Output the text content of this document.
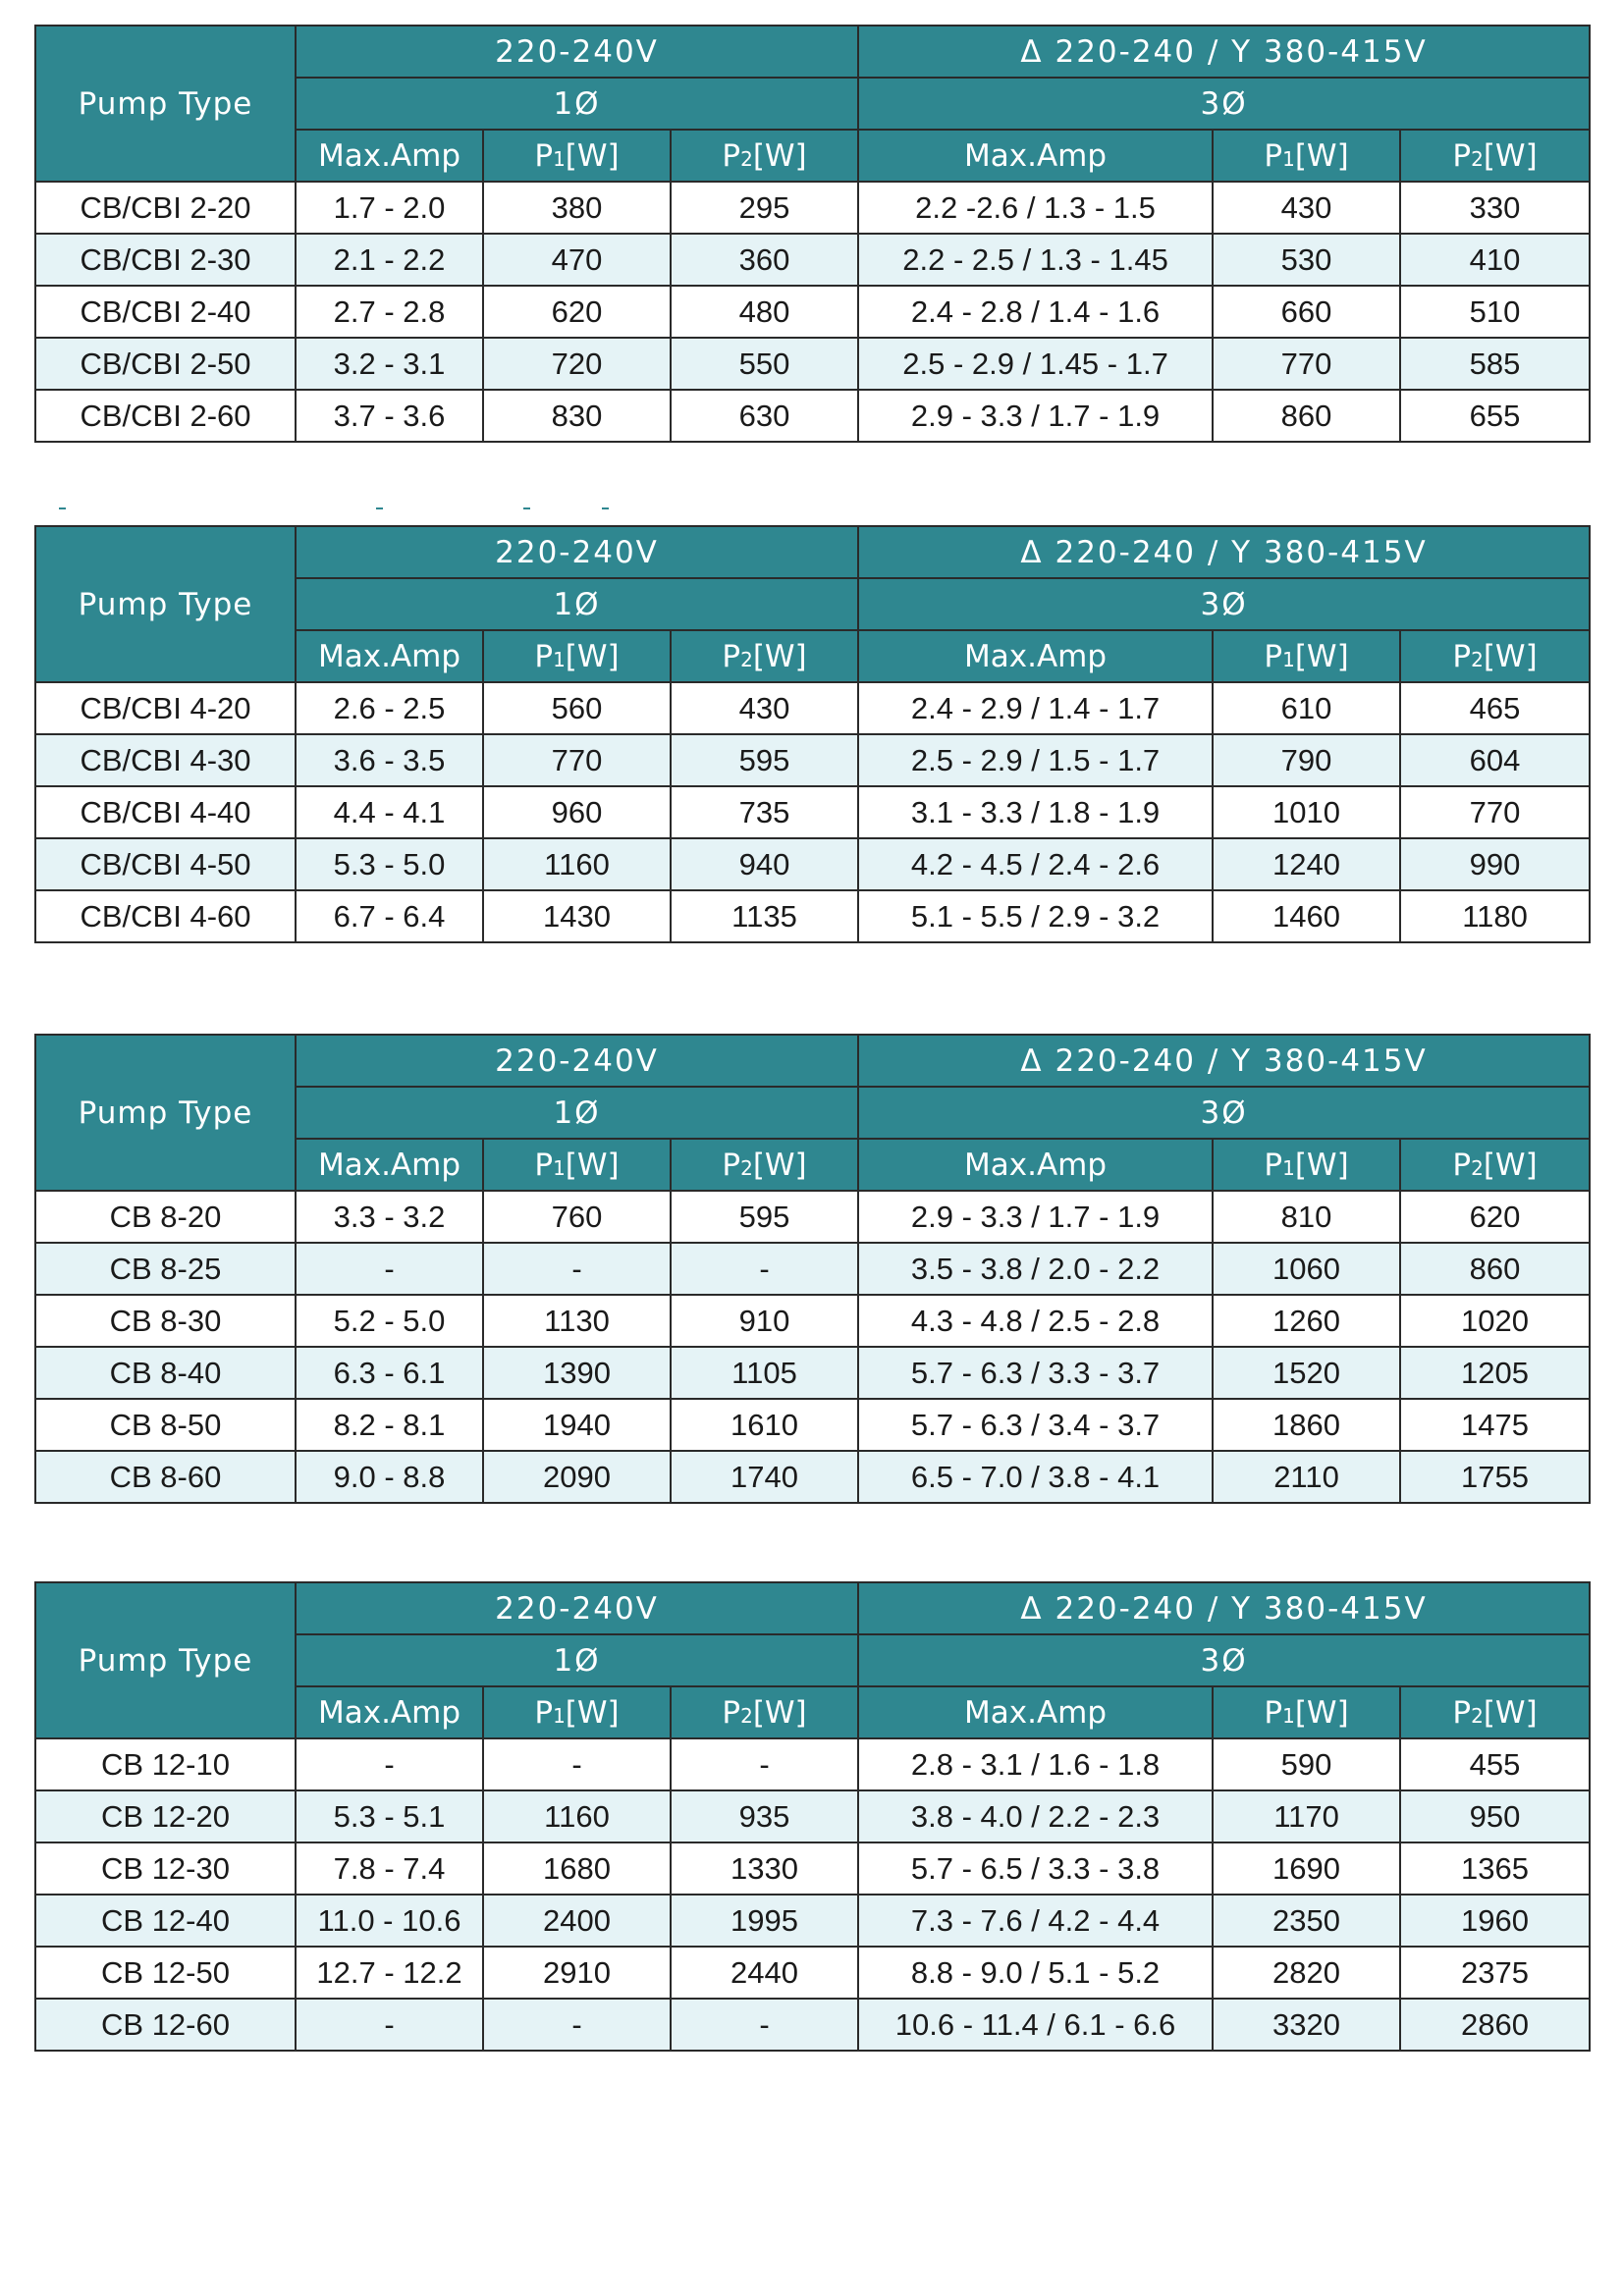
Pump Type	220-240V			Δ 220-240 / Y 380-415V		
	1Ø			3Ø		
	Max.Amp	P1[W]	P2[W]	Max.Amp	P1[W]	P2[W]
CB/CBI 2-20	1.7 - 2.0	380	295	2.2 -2.6 / 1.3 - 1.5	430	330
CB/CBI 2-30	2.1 - 2.2	470	360	2.2 - 2.5 / 1.3 - 1.45	530	410
CB/CBI 2-40	2.7 - 2.8	620	480	2.4 - 2.8 / 1.4 - 1.6	660	510
CB/CBI 2-50	3.2 - 3.1	720	550	2.5 - 2.9 / 1.45 - 1.7	770	585
CB/CBI 2-60	3.7 - 3.6	830	630	2.9 - 3.3 / 1.7 - 1.9	860	655
Pump Type	220-240V			Δ 220-240 / Y 380-415V		
	1Ø			3Ø		
	Max.Amp	P1[W]	P2[W]	Max.Amp	P1[W]	P2[W]
CB/CBI 4-20	2.6 - 2.5	560	430	2.4 - 2.9 / 1.4 - 1.7	610	465
CB/CBI 4-30	3.6 - 3.5	770	595	2.5 - 2.9 / 1.5 - 1.7	790	604
CB/CBI 4-40	4.4 - 4.1	960	735	3.1 - 3.3 / 1.8 - 1.9	1010	770
CB/CBI 4-50	5.3 - 5.0	1160	940	4.2 - 4.5 / 2.4 - 2.6	1240	990
CB/CBI 4-60	6.7 - 6.4	1430	1135	5.1 - 5.5 / 2.9 - 3.2	1460	1180
Pump Type	220-240V			Δ 220-240 / Y 380-415V		
	1Ø			3Ø		
	Max.Amp	P1[W]	P2[W]	Max.Amp	P1[W]	P2[W]
CB 8-20	3.3 - 3.2	760	595	2.9 - 3.3 / 1.7 - 1.9	810	620
CB 8-25	-	-	-	3.5 - 3.8 / 2.0 - 2.2	1060	860
CB 8-30	5.2 - 5.0	1130	910	4.3 - 4.8 / 2.5 - 2.8	1260	1020
CB 8-40	6.3 - 6.1	1390	1105	5.7 - 6.3 / 3.3 - 3.7	1520	1205
CB 8-50	8.2 - 8.1	1940	1610	5.7 - 6.3 / 3.4 - 3.7	1860	1475
CB 8-60	9.0 - 8.8	2090	1740	6.5 - 7.0 / 3.8 - 4.1	2110	1755
Pump Type	220-240V			Δ 220-240 / Y 380-415V		
	1Ø			3Ø		
	Max.Amp	P1[W]	P2[W]	Max.Amp	P1[W]	P2[W]
CB 12-10	-	-	-	2.8 - 3.1 / 1.6 - 1.8	590	455
CB 12-20	5.3 - 5.1	1160	935	3.8 - 4.0 / 2.2 - 2.3	1170	950
CB 12-30	7.8 - 7.4	1680	1330	5.7 - 6.5 / 3.3 - 3.8	1690	1365
CB 12-40	11.0 - 10.6	2400	1995	7.3 - 7.6 / 4.2 - 4.4	2350	1960
CB 12-50	12.7 - 12.2	2910	2440	8.8 - 9.0 / 5.1 - 5.2	2820	2375
CB 12-60	-	-	-	10.6 - 11.4 / 6.1 - 6.6	3320	2860
